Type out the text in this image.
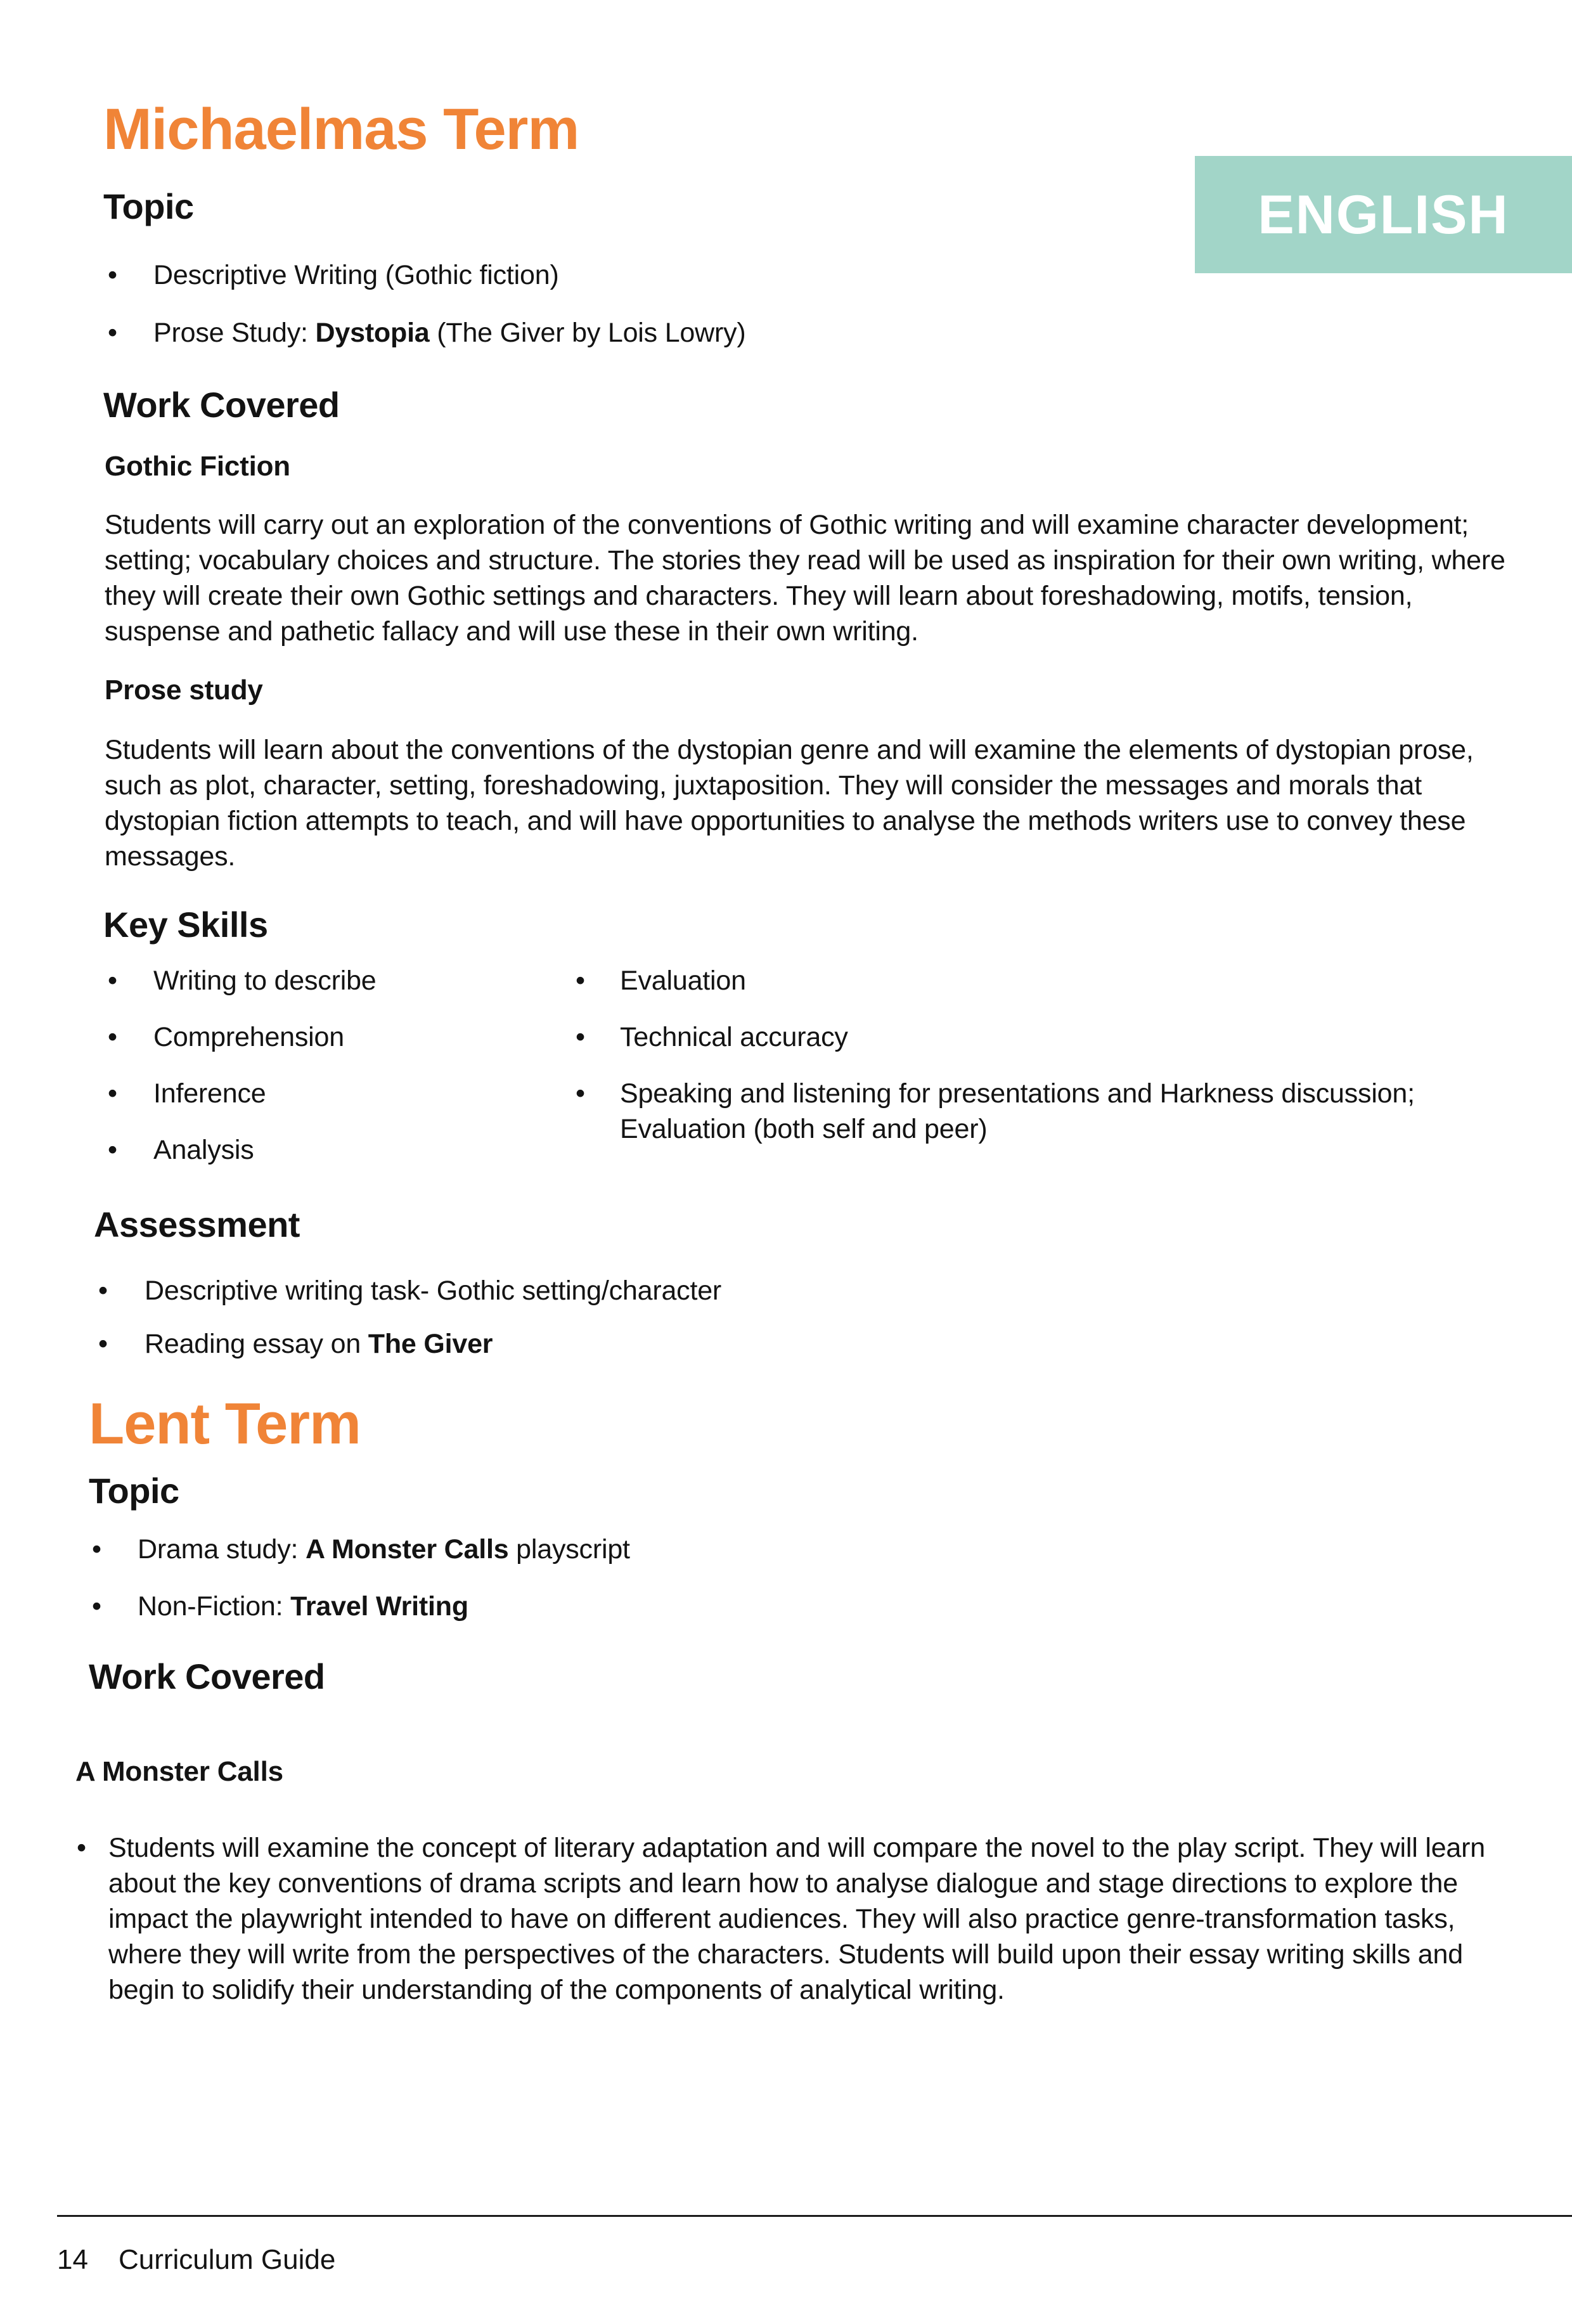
ENGLISH
Michaelmas Term
Topic
• Descriptive Writing (Gothic fiction)
• Prose Study: Dystopia (The Giver by Lois Lowry)
Work Covered
Gothic Fiction

Students will carry out an exploration of the conventions of Gothic writing and will examine character development; setting; vocabulary choices and structure. The stories they read will be used as inspiration for their own writing, where they will create their own Gothic settings and characters. They will learn about foreshadowing, motifs, tension, suspense and pathetic fallacy and will use these in their own writing.

Prose study

Students will learn about the conventions of the dystopian genre and will examine the elements of dystopian prose, such as plot, character, setting, foreshadowing, juxtaposition. They will consider the messages and morals that dystopian fiction attempts to teach, and will have opportunities to analyse the methods writers use to convey these messages.

Key Skills
• Writing to describe
• Comprehension
• Inference
• Analysis
• Evaluation
• Technical accuracy
• Speaking and listening for presentations and Harkness discussion; Evaluation (both self and peer)
Assessment
• Descriptive writing task- Gothic setting/character
• Reading essay on The Giver
Lent Term
Topic
• Drama study: A Monster Calls playscript
• Non-Fiction: Travel Writing
Work Covered
A Monster Calls
• Students will examine the concept of literary adaptation and will compare the novel to the play script. They will learn about the key conventions of drama scripts and learn how to analyse dialogue and stage directions to explore the impact the playwright intended to have on different audiences. They will also practice genre-transformation tasks, where they will write from the perspectives of the characters. Students will build upon their essay writing skills and begin to solidify their understanding of the components of analytical writing.
14 Curriculum Guide
